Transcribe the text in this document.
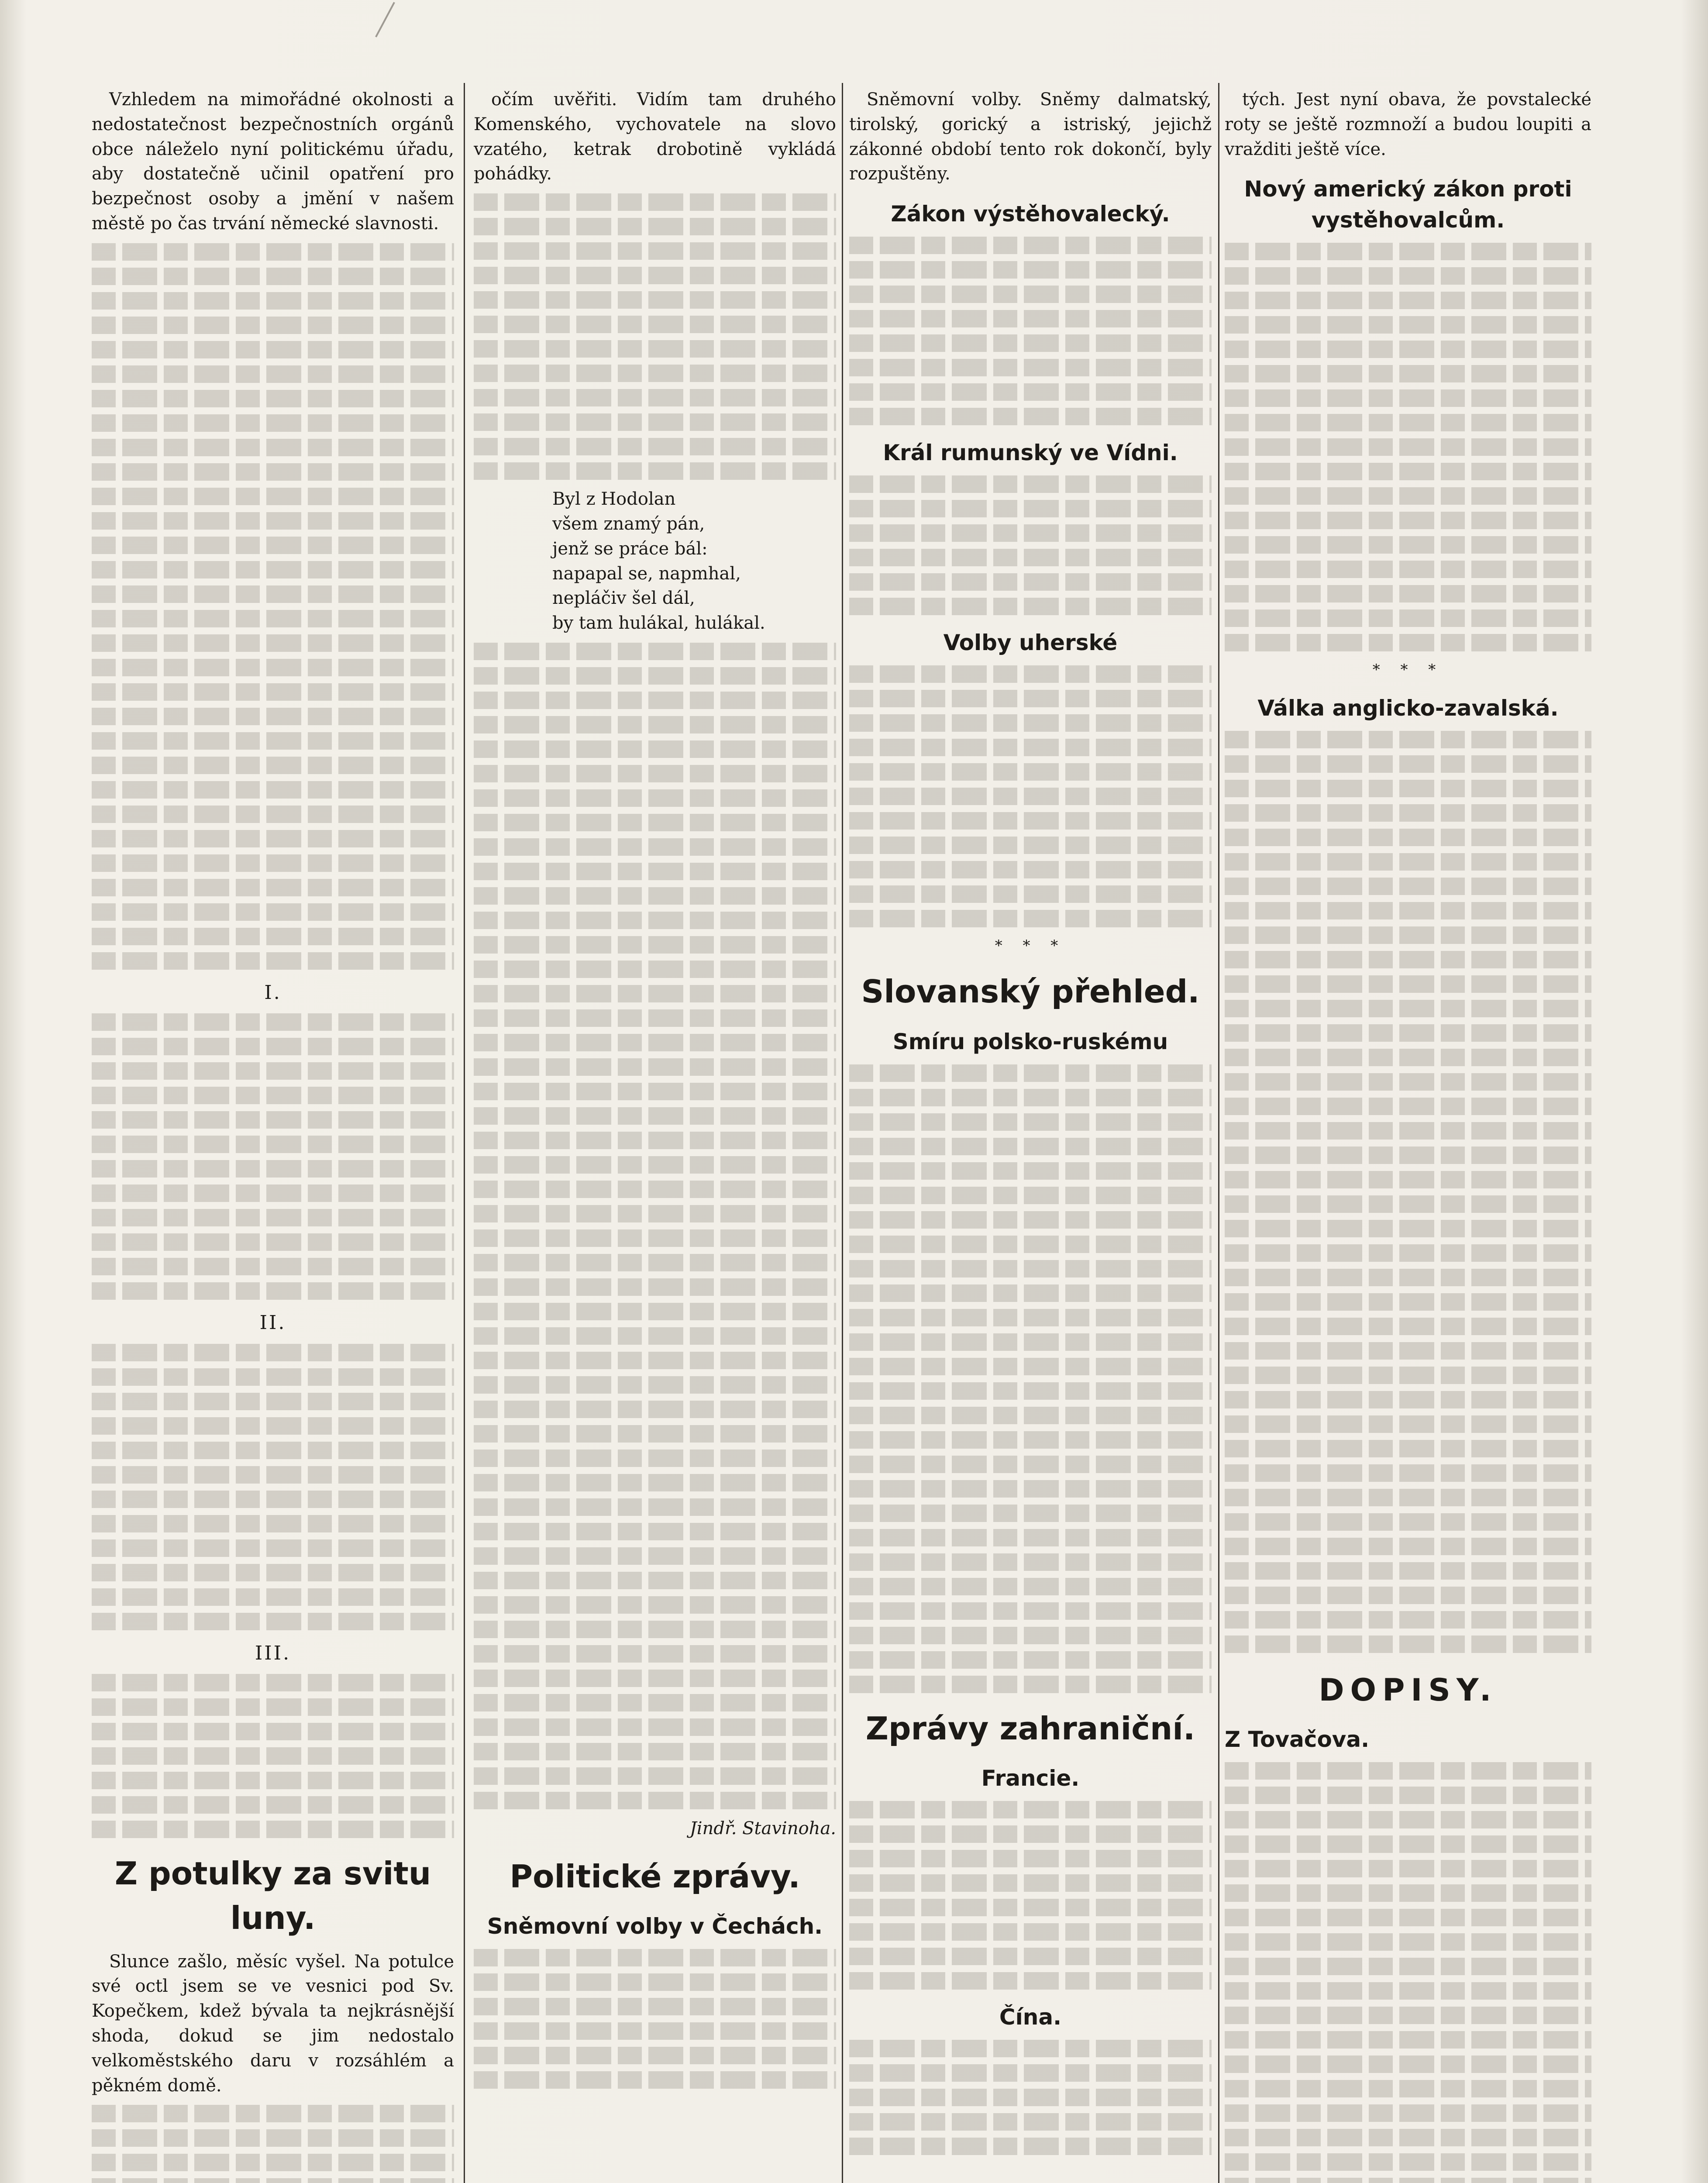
Vzhledem na mimořádné okolnosti a nedostatečnost bezpečnostních orgánů obce náleželo nyní politickému úřadu, aby dostatečně učinil opatření pro bezpečnost osoby a jmění v našem městě po čas trvání německé slavnosti.

I.
II.
III.
Z potulky za svitu luny.

Slunce zašlo, měsíc vyšel. Na potulce své octl jsem se ve vesnici pod Sv. Kopečkem, kdež bývala ta nejkrásnější shoda, dokud se jim nedostalo velkoměstského daru v rozsáhlém a pěkném domě.

očím uvěřiti. Vidím tam druhého Komenského, vychovatele na slovo vzatého, ketrak drobotině vykládá pohádky.

Byl z Hodolan
všem znamý pán,
jenž se práce bál:
napapal se, napmhal,
nepláčiv šel dál,
by tam hulákal, hulákal.
Jindř. Stavinoha.
Politické zprávy.
Sněmovní volby v Čechách.

Sněmovní volby. Sněmy dalmatský, tirolský, gorický a istriský, jejichž zákonné období tento rok dokončí, byly rozpuštěny.

Zákon výstěhovalecký.
Král rumunský ve Vídni.
Volby uherské
* * *
Slovanský přehled.
Smíru polsko-ruskému
Zprávy zahraniční.
Francie.
Čína.

tých. Jest nyní obava, že povstalecké roty se ještě rozmnoží a budou loupiti a vražditi ještě více.

Nový americký zákon proti vystěhovalcům.
* * *
Válka anglicko-zavalská.
DOPISY.
Z Tovačova.
